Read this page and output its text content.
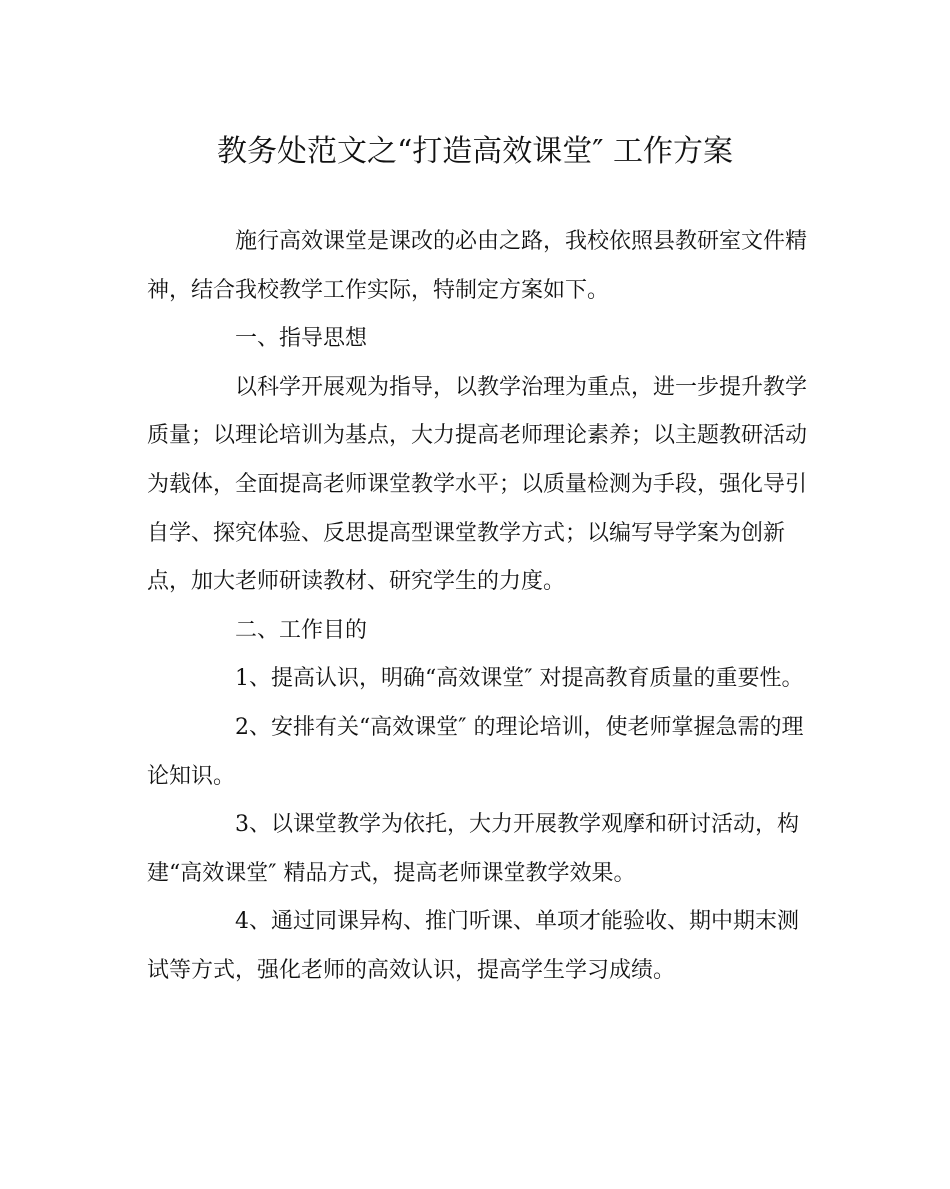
教务处范文之“打造高效课堂″ 工作方案

施行高效课堂是课改的必由之路，我校依照县教研室文件精神，结合我校教学工作实际，特制定方案如下。

一、指导思想

以科学开展观为指导，以教学治理为重点，进一步提升教学质量；以理论培训为基点，大力提高老师理论素养；以主题教研活动为载体，全面提高老师课堂教学水平；以质量检测为手段，强化导引自学、探究体验、反思提高型课堂教学方式；以编写导学案为创新点，加大老师研读教材、研究学生的力度。

二、工作目的

1、提高认识，明确“高效课堂″ 对提高教育质量的重要性。

2、安排有关“高效课堂″ 的理论培训，使老师掌握急需的理论知识。

3、以课堂教学为依托，大力开展教学观摩和研讨活动，构建“高效课堂″ 精品方式，提高老师课堂教学效果。

4、通过同课异构、推门听课、单项才能验收、期中期末测试等方式，强化老师的高效认识，提高学生学习成绩。
